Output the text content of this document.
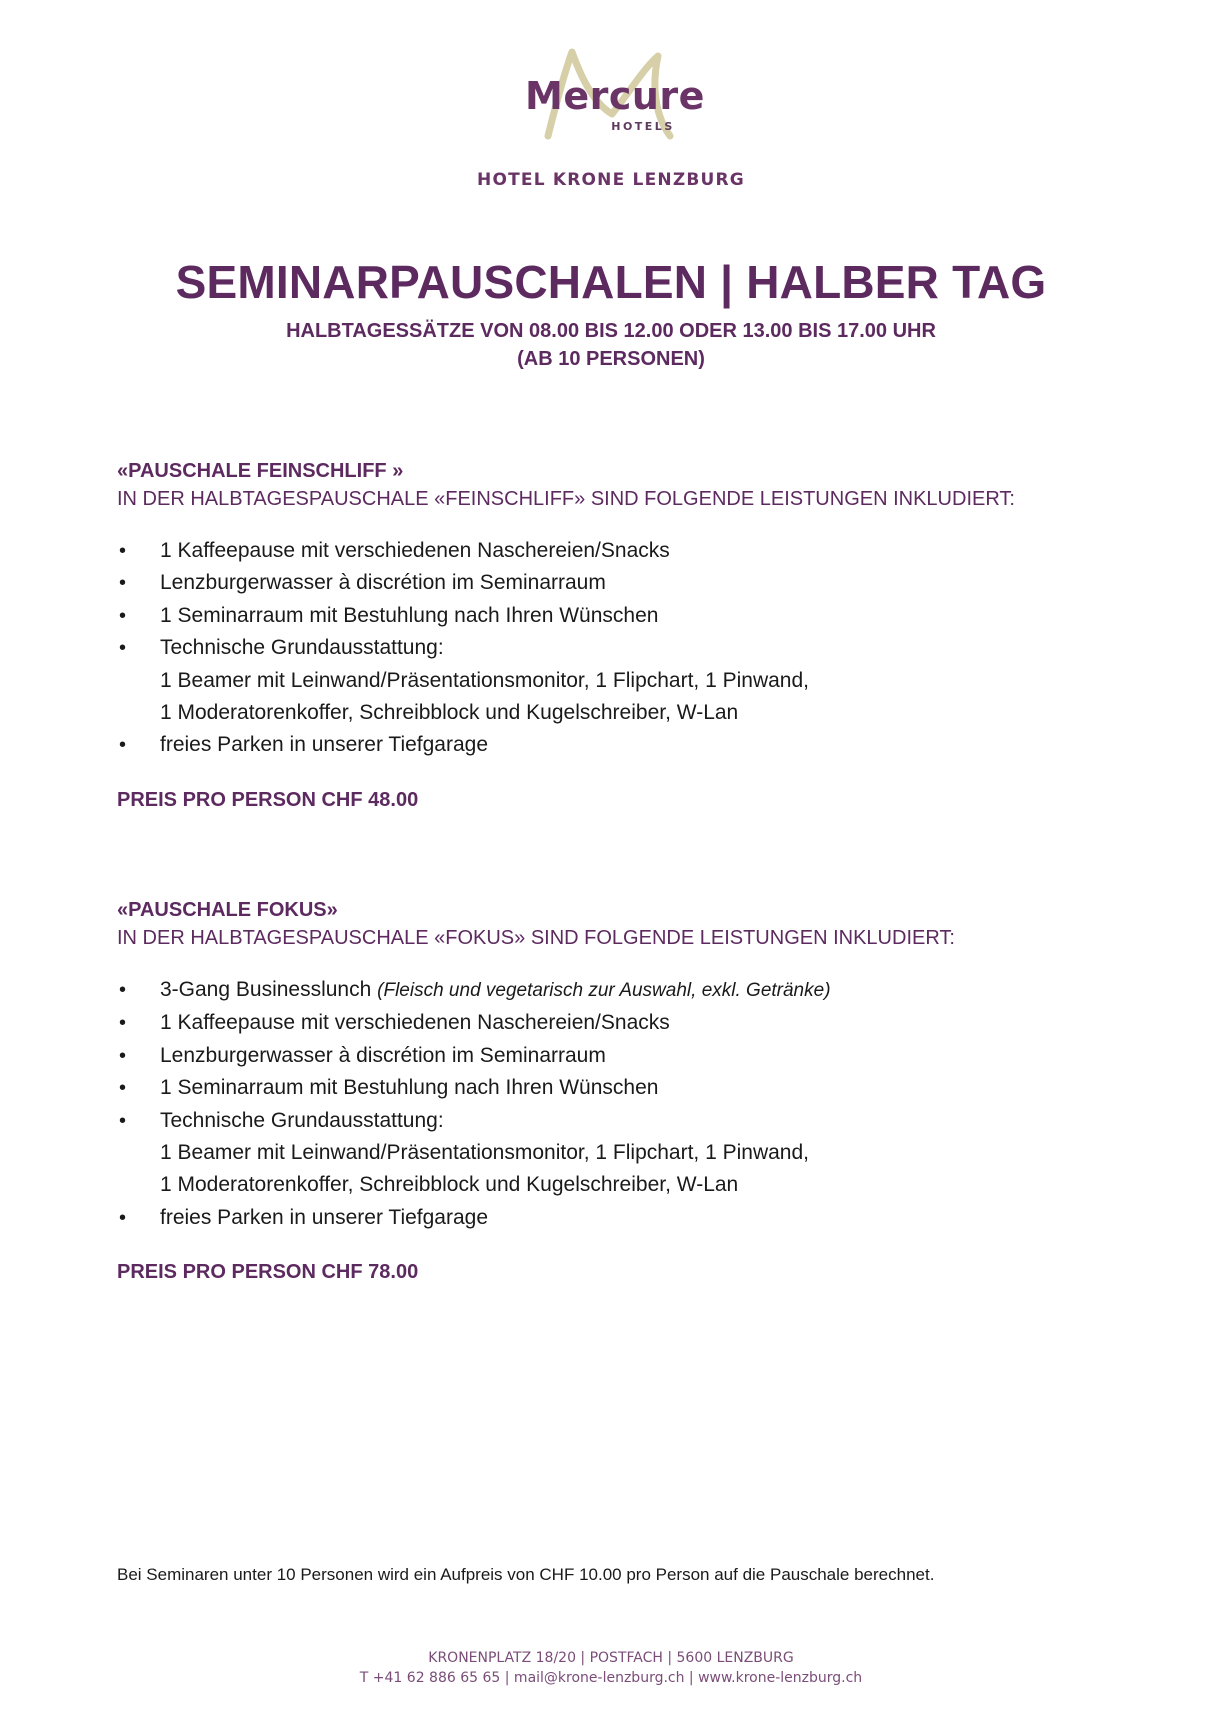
Mercure
HOTELS
HOTEL KRONE LENZBURG
SEMINARPAUSCHALEN | HALBER TAG
HALBTAGESSÄTZE VON 08.00 BIS 12.00 ODER 13.00 BIS 17.00 UHR
(AB 10 PERSONEN)
«PAUSCHALE FEINSCHLIFF »
IN DER HALBTAGESPAUSCHALE «FEINSCHLIFF» SIND FOLGENDE LEISTUNGEN INKLUDIERT:
• 1 Kaffeepause mit verschiedenen Naschereien/Snacks
• Lenzburgerwasser à discrétion im Seminarraum
• 1 Seminarraum mit Bestuhlung nach Ihren Wünschen
• Technische Grundausstattung:
1 Beamer mit Leinwand/Präsentationsmonitor, 1 Flipchart, 1 Pinwand,
1 Moderatorenkoffer, Schreibblock und Kugelschreiber, W-Lan
• freies Parken in unserer Tiefgarage
PREIS PRO PERSON CHF 48.00
«PAUSCHALE FOKUS»
IN DER HALBTAGESPAUSCHALE «FOKUS» SIND FOLGENDE LEISTUNGEN INKLUDIERT:
• 3-Gang Businesslunch (Fleisch und vegetarisch zur Auswahl, exkl. Getränke)
• 1 Kaffeepause mit verschiedenen Naschereien/Snacks
• Lenzburgerwasser à discrétion im Seminarraum
• 1 Seminarraum mit Bestuhlung nach Ihren Wünschen
• Technische Grundausstattung:
1 Beamer mit Leinwand/Präsentationsmonitor, 1 Flipchart, 1 Pinwand,
1 Moderatorenkoffer, Schreibblock und Kugelschreiber, W-Lan
• freies Parken in unserer Tiefgarage
PREIS PRO PERSON CHF 78.00
Bei Seminaren unter 10 Personen wird ein Aufpreis von CHF 10.00 pro Person auf die Pauschale berechnet.
KRONENPLATZ 18/20 | POSTFACH | 5600 LENZBURG
T +41 62 886 65 65 | mail@krone-lenzburg.ch | www.krone-lenzburg.ch
